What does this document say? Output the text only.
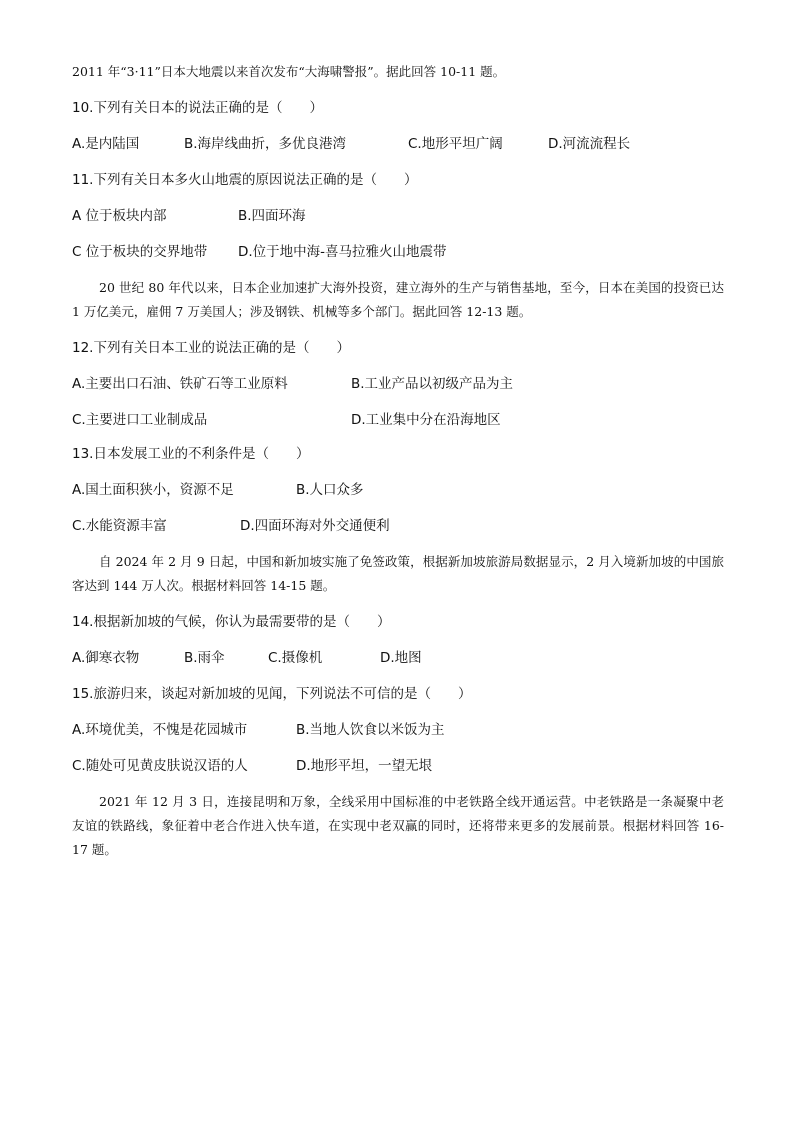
2011 年“3·11”日本大地震以来首次发布“大海啸警报”。据此回答 10-11 题。
10.下列有关日本的说法正确的是（　　）
A.是内陆国	B.海岸线曲折，多优良港湾	C.地形平坦广阔	D.河流流程长
11.下列有关日本多火山地震的原因说法正确的是（　　）
A 位于板块内部	B.四面环海
C 位于板块的交界地带 D.位于地中海-喜马拉雅火山地震带
20 世纪 80 年代以来，日本企业加速扩大海外投资，建立海外的生产与销售基地，至今，日本在美国的投资已达 1 万亿美元，雇佣 7 万美国人；涉及钢铁、机械等多个部门。据此回答 12-13 题。
12.下列有关日本工业的说法正确的是（　　）
A.主要出口石油、铁矿石等工业原料	B.工业产品以初级产品为主
C.主要进口工业制成品	D.工业集中分在沿海地区
13.日本发展工业的不利条件是（　　）
A.国土面积狭小，资源不足	B.人口众多
C.水能资源丰富	D.四面环海对外交通便利
自 2024 年 2 月 9 日起，中国和新加坡实施了免签政策，根据新加坡旅游局数据显示，2 月入境新加坡的中国旅客达到 144 万人次。根据材料回答 14-15 题。
14.根据新加坡的气候，你认为最需要带的是（　　）
A.御寒衣物	B.雨伞	C.摄像机	D.地图
15.旅游归来，谈起对新加坡的见闻，下列说法不可信的是（　　）
A.环境优美，不愧是花园城市	B.当地人饮食以米饭为主
C.随处可见黄皮肤说汉语的人	D.地形平坦，一望无垠
2021 年 12 月 3 日，连接昆明和万象，全线采用中国标准的中老铁路全线开通运营。中老铁路是一条凝聚中老友谊的铁路线，象征着中老合作进入快车道，在实现中老双赢的同时，还将带来更多的发展前景。根据材料回答 16-17 题。
